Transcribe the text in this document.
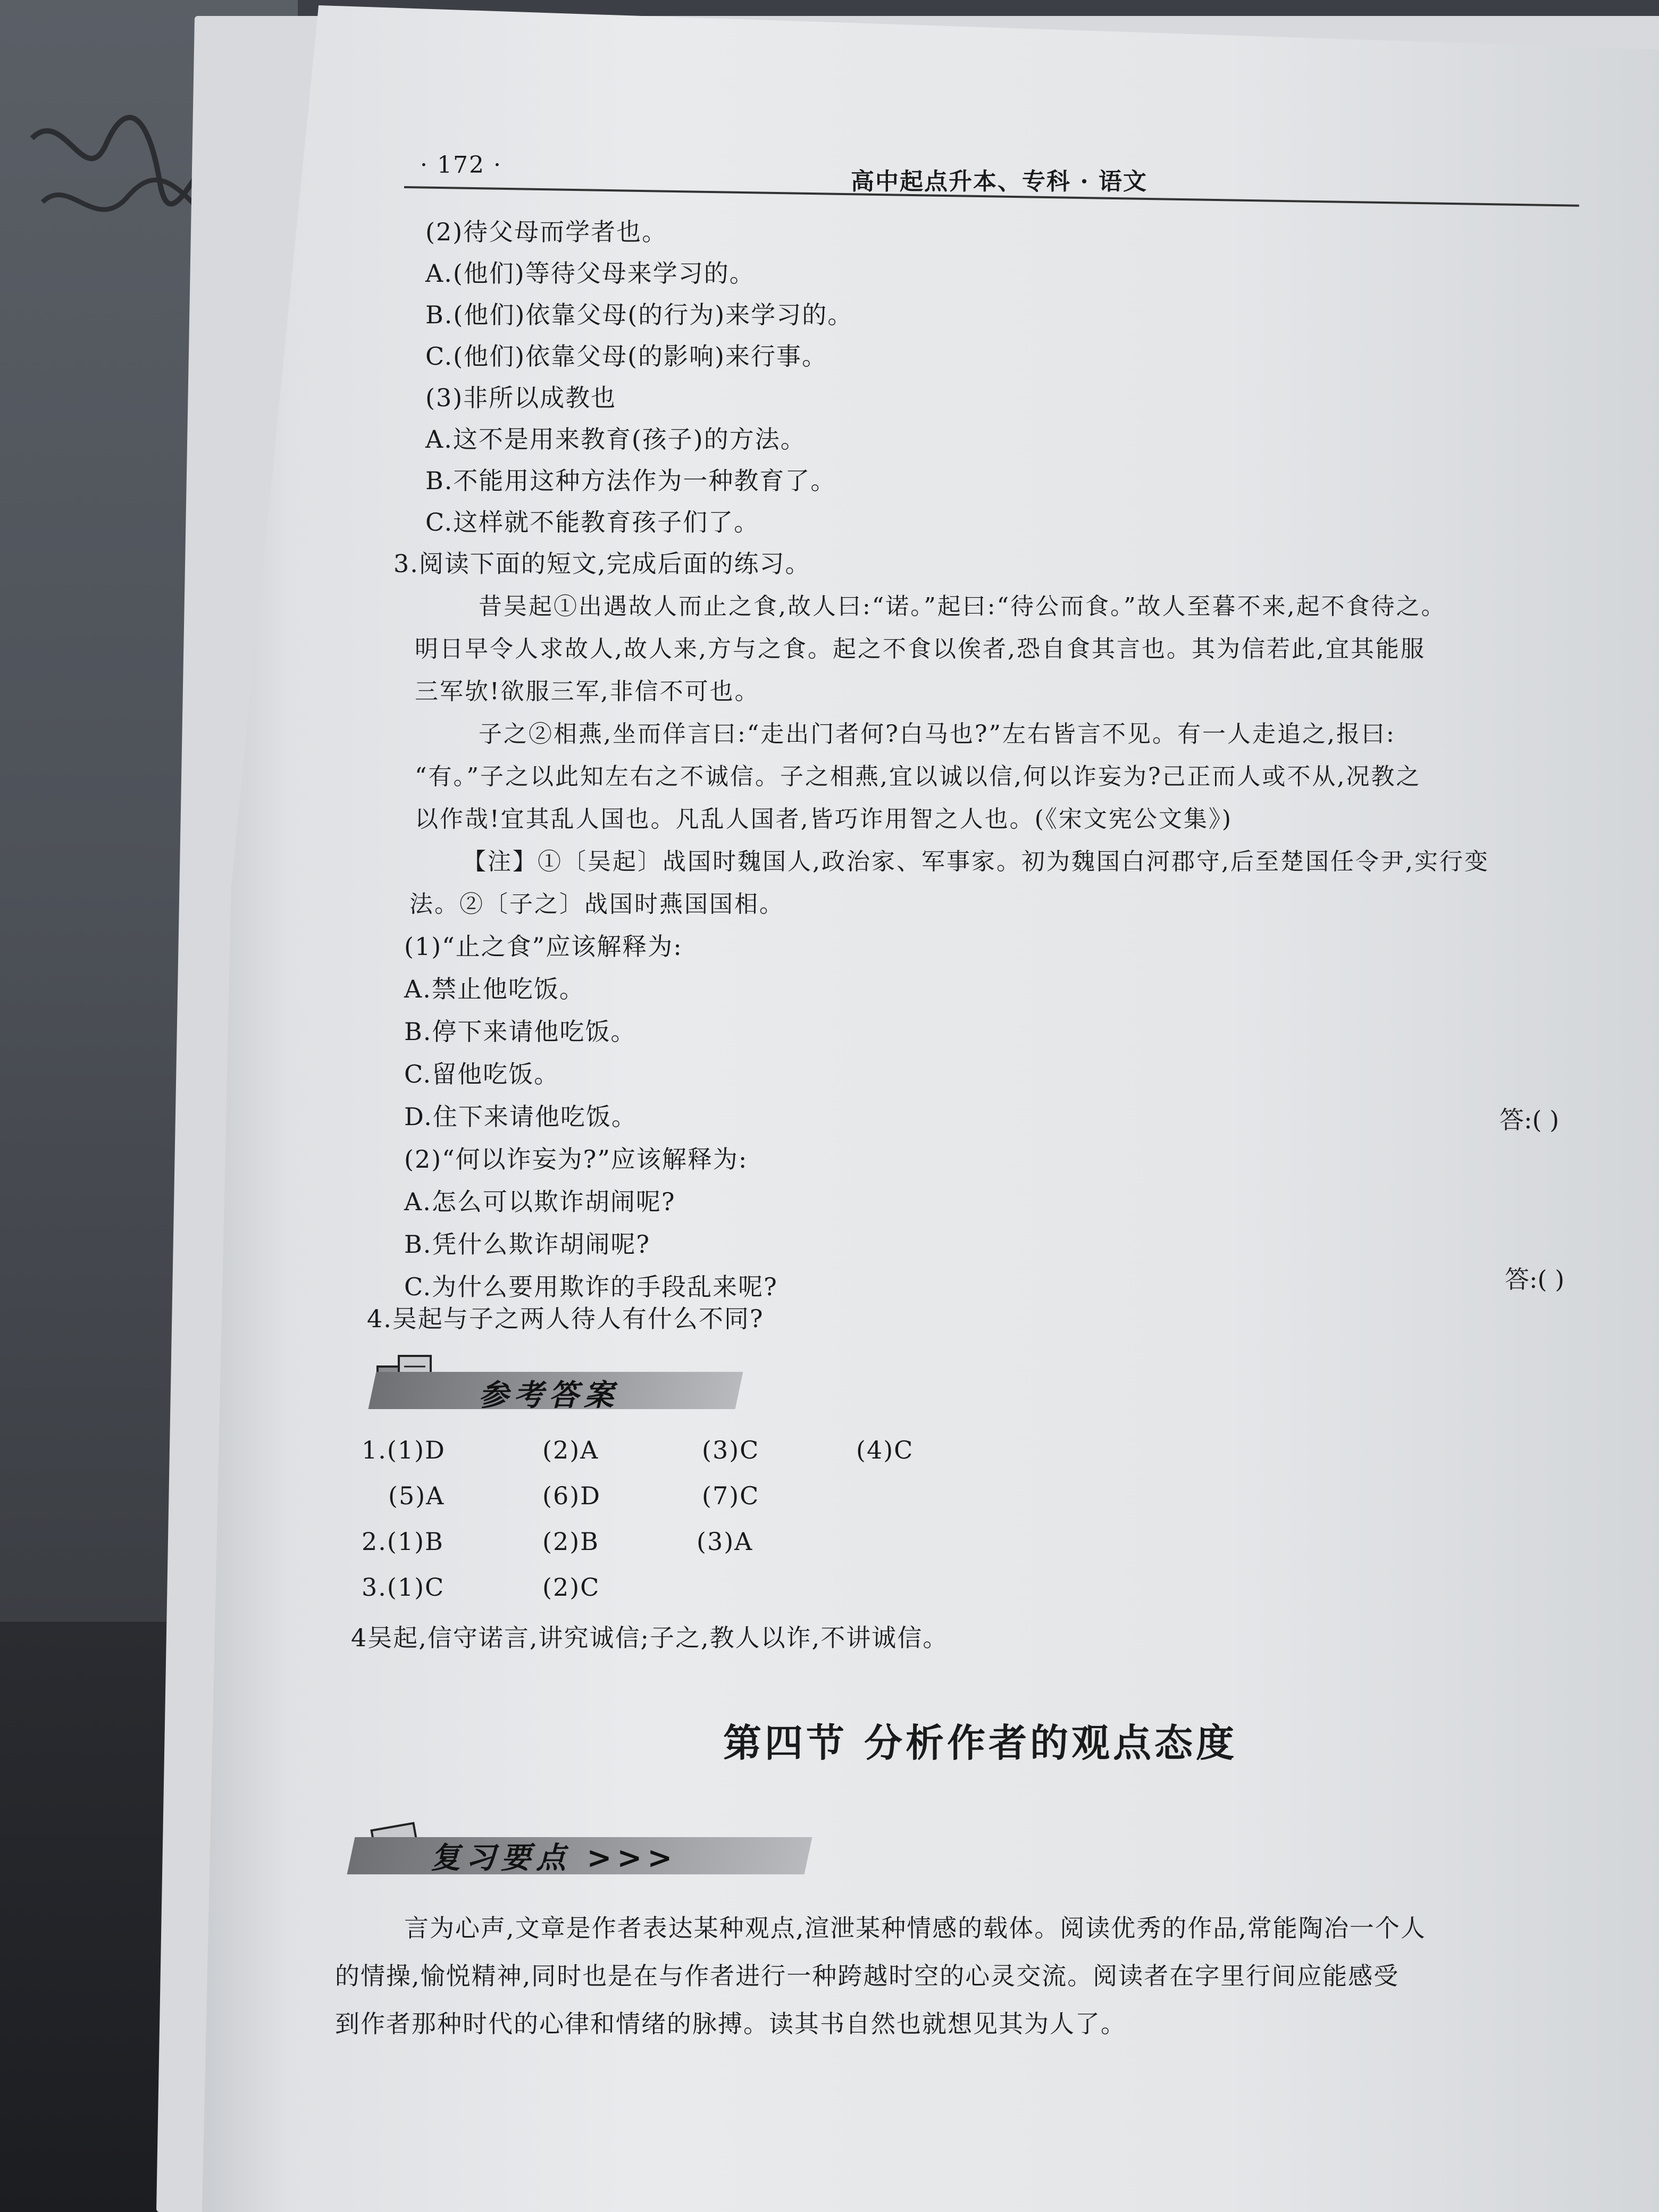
· 172 ·
高中起点升本、专科 · 语文
(2)待父母而学者也。
A.(他们)等待父母来学习的。
B.(他们)依靠父母(的行为)来学习的。
C.(他们)依靠父母(的影响)来行事。
(3)非所以成教也
A.这不是用来教育(孩子)的方法。
B.不能用这种方法作为一种教育了。
C.这样就不能教育孩子们了。
3.阅读下面的短文,完成后面的练习。
昔吴起①出遇故人而止之食,故人曰:“诺。”起曰:“待公而食。”故人至暮不来,起不食待之。
明日早令人求故人,故人来,方与之食。起之不食以俟者,恐自食其言也。其为信若此,宜其能服
三军欤!欲服三军,非信不可也。
子之②相燕,坐而佯言曰:“走出门者何?白马也?”左右皆言不见。有一人走追之,报曰:
“有。”子之以此知左右之不诚信。子之相燕,宜以诚以信,何以诈妄为?己正而人或不从,况教之
以作哉!宜其乱人国也。凡乱人国者,皆巧诈用智之人也。(《宋文宪公文集》)
【注】①〔吴起〕战国时魏国人,政治家、军事家。初为魏国白河郡守,后至楚国任令尹,实行变
法。②〔子之〕战国时燕国国相。
(1)“止之食”应该解释为:
A.禁止他吃饭。
B.停下来请他吃饭。
C.留他吃饭。
D.住下来请他吃饭。	答:( )
(2)“何以诈妄为?”应该解释为:
A.怎么可以欺诈胡闹呢?
B.凭什么欺诈胡闹呢?
C.为什么要用欺诈的手段乱来呢?	答:( )
4.吴起与子之两人待人有什么不同?
参考答案
1.(1)D	(2)A	(3)C	(4)C
(5)A	(6)D	(7)C
2.(1)B	(2)B	(3)A
3.(1)C	(2)C
4吴起,信守诺言,讲究诚信;子之,教人以诈,不讲诚信。
第四节 分析作者的观点态度
复习要点 >>>
言为心声,文章是作者表达某种观点,渲泄某种情感的载体。阅读优秀的作品,常能陶冶一个人
的情操,愉悦精神,同时也是在与作者进行一种跨越时空的心灵交流。阅读者在字里行间应能感受
到作者那种时代的心律和情绪的脉搏。读其书自然也就想见其为人了。
